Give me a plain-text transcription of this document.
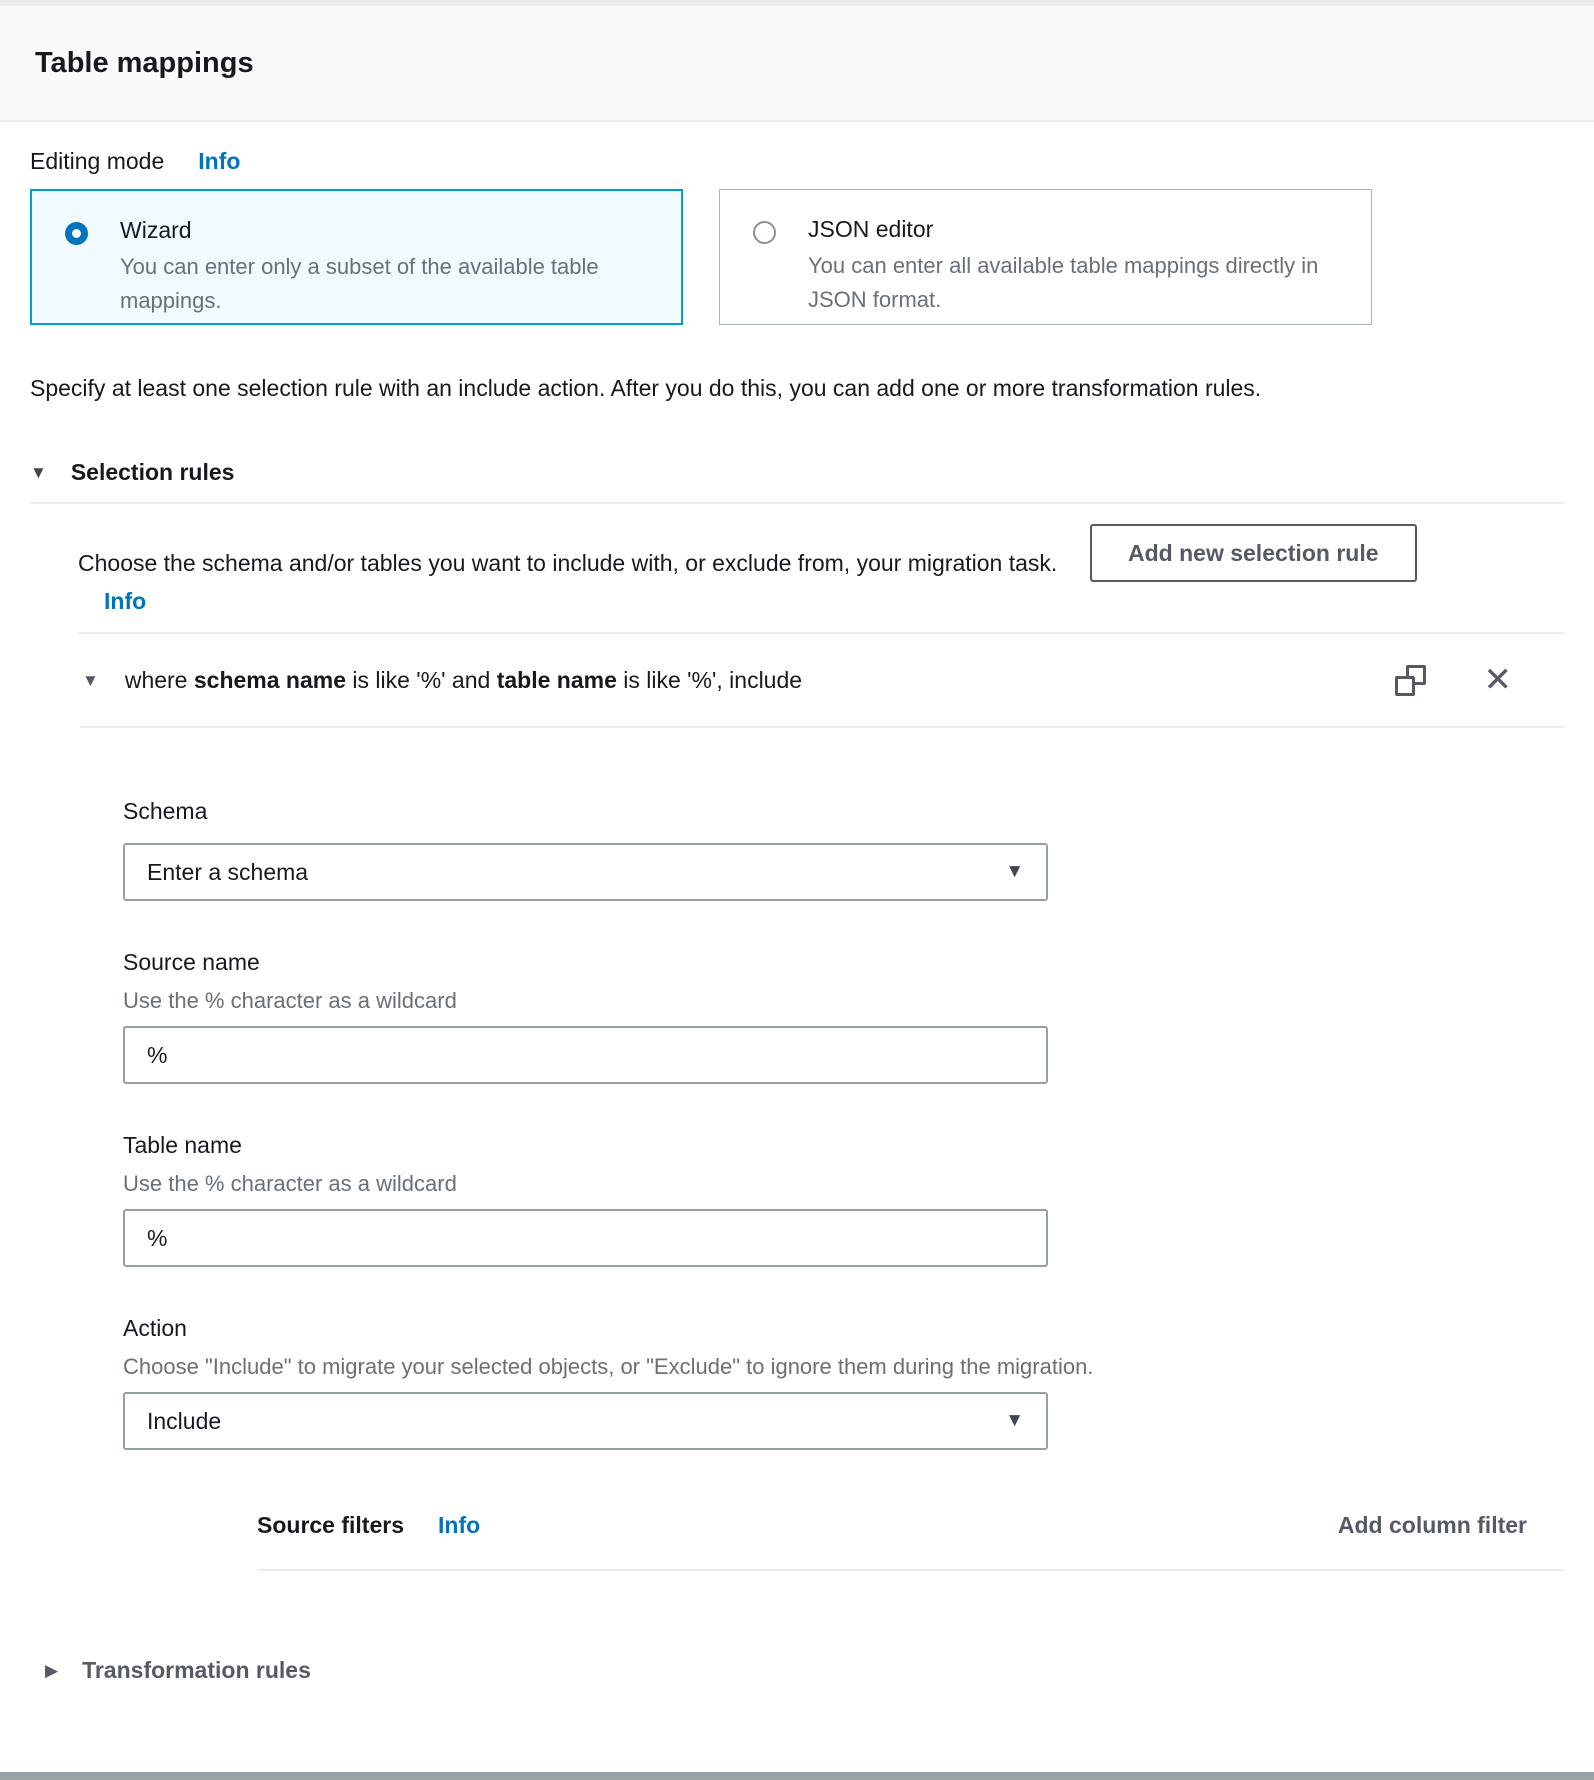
Table mappings
Editing mode Info
Wizard
You can enter only a subset of the available table mappings.
JSON editor
You can enter all available table mappings directly in JSON format.

Specify at least one selection rule with an include action. After you do this, you can add one or more transformation rules.

▼ Selection rules

Choose the schema and/or tables you want to include with, or exclude from, your migration task. Info

Add new selection rule
▼ where schema name is like '%' and table name is like '%', include	✕
Schema
Enter a schema	▼
Source name
Use the % character as a wildcard
%
Table name
Use the % character as a wildcard
%
Action
Choose "Include" to migrate your selected objects, or "Exclude" to ignore them during the migration.
Include	▼
Source filters Info	Add column filter
▶ Transformation rules
